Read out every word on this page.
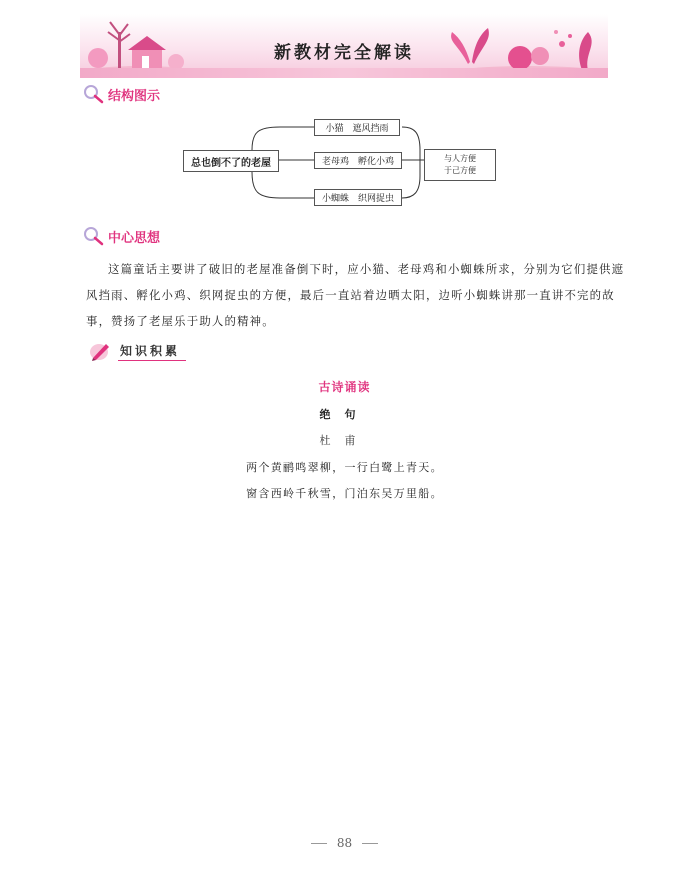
新教材完全解读
结构图示
总也倒不了的老屋
小猫　遮风挡雨
老母鸡　孵化小鸡
小蜘蛛　织网捉虫
与人方便
于己方便
中心思想
这篇童话主要讲了破旧的老屋准备倒下时，应小猫、老母鸡和小蜘蛛所求，分别为它们提供遮风挡雨、孵化小鸡、织网捉虫的方便，最后一直站着边晒太阳，边听小蜘蛛讲那一直讲不完的故事，赞扬了老屋乐于助人的精神。
知识积累
古诗诵读
绝句
杜甫
两个黄鹂鸣翠柳，一行白鹭上青天。
窗含西岭千秋雪，门泊东吴万里船。
88
